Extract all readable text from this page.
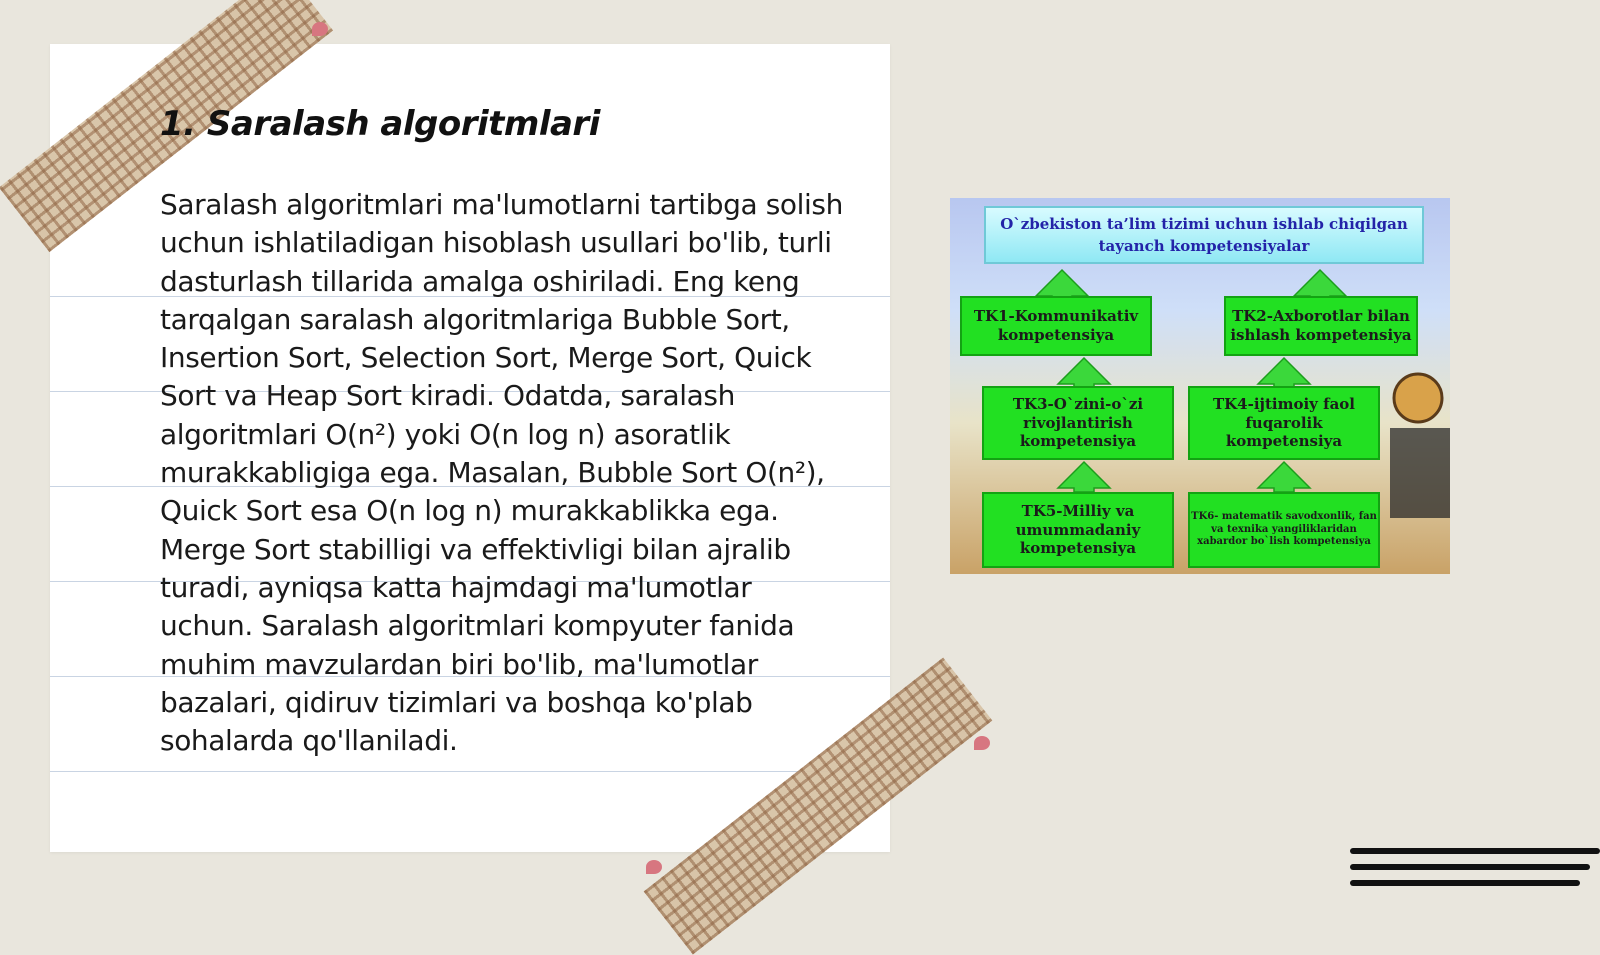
1. Saralash algoritmlari

Saralash algoritmlari ma'lumotlarni tartibga solish uchun ishlatiladigan hisoblash usullari bo'lib, turli dasturlash tillarida amalga oshiriladi. Eng keng tarqalgan saralash algoritmlariga Bubble Sort, Insertion Sort, Selection Sort, Merge Sort, Quick Sort va Heap Sort kiradi. Odatda, saralash algoritmlari O(n²) yoki O(n log n) asoratlik murakkabligiga ega. Masalan, Bubble Sort O(n²), Quick Sort esa O(n log n) murakkablikka ega. Merge Sort stabilligi va effektivligi bilan ajralib turadi, ayniqsa katta hajmdagi ma'lumotlar uchun. Saralash algoritmlari kompyuter fanida muhim mavzulardan biri bo'lib, ma'lumotlar bazalari, qidiruv tizimlari va boshqa ko'plab sohalarda qo'llaniladi.

O`zbekiston ta’lim tizimi uchun ishlab chiqilgan tayanch kompetensiyalar
TK1-Kommunikativ kompetensiya
TK2-Axborotlar bilan ishlash kompetensiya
TK3-O`zini-o`zi rivojlantirish kompetensiya
TK4-ijtimoiy faol fuqarolik kompetensiya
TK5-Milliy va umummadaniy kompetensiya
TK6- matematik savodxonlik, fan va texnika yangiliklaridan xabardor bo`lish kompetensiya
